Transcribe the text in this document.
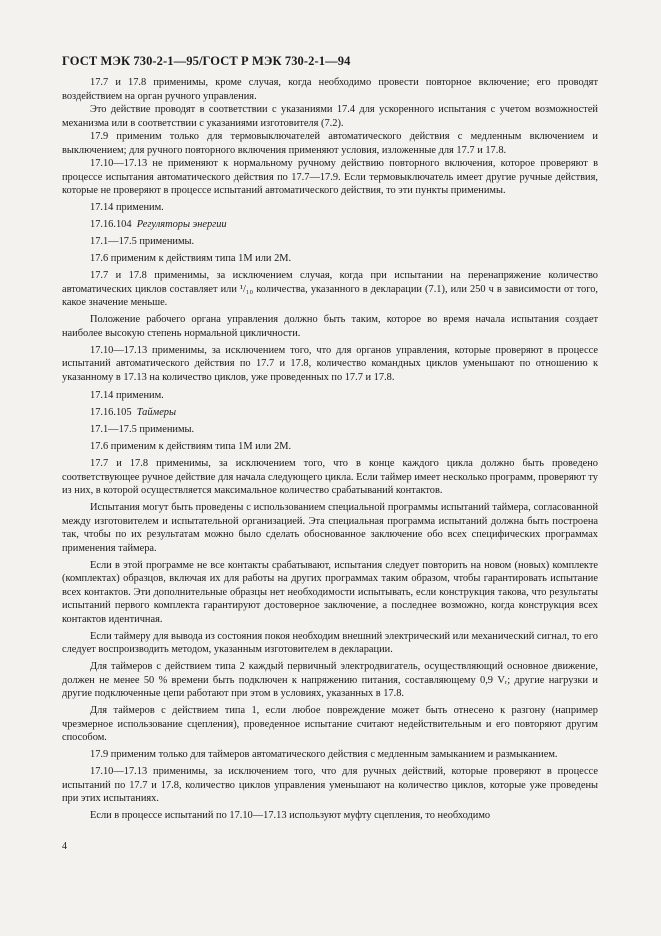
ГОСТ МЭК 730-2-1—95/ГОСТ Р МЭК 730-2-1—94

17.7 и 17.8 применимы, кроме случая, когда необходимо провести повторное включение; его проводят воздействием на орган ручного управления.

Это действие проводят в соответствии с указаниями 17.4 для ускоренного испытания с учетом возможностей механизма или в соответствии с указаниями изготовителя (7.2).

17.9 применим только для термовыключателей автоматического действия с медленным включением и выключением; для ручного повторного включения применяют условия, изложенные для 17.7 и 17.8.

17.10—17.13 не применяют к нормальному ручному действию повторного включения, которое проверяют в процессе испытания автоматического действия по 17.7—17.9. Если термовыключатель имеет другие ручные действия, которые не проверяют в процессе испытаний автоматического действия, то эти пункты применимы.

17.14 применим.

17.16.104 Регуляторы энергии

17.1—17.5 применимы.

17.6 применим к действиям типа 1М или 2М.

17.7 и 17.8 применимы, за исключением случая, когда при испытании на перенапряжение количество автоматических циклов составляет или ¹/₁₀ количества, указанного в декларации (7.1), или 250 ч в зависимости от того, какое значение меньше.

Положение рабочего органа управления должно быть таким, которое во время начала испытания создает наиболее высокую степень нормальной цикличности.

17.10—17.13 применимы, за исключением того, что для органов управления, которые проверяют в процессе испытаний автоматического действия по 17.7 и 17.8, количество командных циклов уменьшают по отношению к указанному в 17.13 на количество циклов, уже проведенных по 17.7 и 17.8.

17.14 применим.

17.16.105 Таймеры

17.1—17.5 применимы.

17.6 применим к действиям типа 1М или 2М.

17.7 и 17.8 применимы, за исключением того, что в конце каждого цикла должно быть проведено соответствующее ручное действие для начала следующего цикла. Если таймер имеет несколько программ, проверяют ту из них, в которой осуществляется максимальное количество срабатываний контактов.

Испытания могут быть проведены с использованием специальной программы испытаний таймера, согласованной между изготовителем и испытательной организацией. Эта специальная программа испытаний должна быть построена так, чтобы по их результатам можно было сделать обоснованное заключение обо всех специфических программах применения таймера.

Если в этой программе не все контакты срабатывают, испытания следует повторить на новом (новых) комплекте (комплектах) образцов, включая их для работы на других программах таким образом, чтобы гарантировать испытание всех контактов. Эти дополнительные образцы нет необходимости испытывать, если конструкция такова, что результаты испытаний первого комплекта гарантируют достоверное заключение, а последнее возможно, когда конструкция всех контактов идентичная.

Если таймеру для вывода из состояния покоя необходим внешний электрический или механический сигнал, то его следует воспроизводить методом, указанным изготовителем в декларации.

Для таймеров с действием типа 2 каждый первичный электродвигатель, осуществляющий основное движение, должен не менее 50 % времени быть подключен к напряжению питания, составляющему 0,9 Vᵣ; другие нагрузки и другие подключенные цепи работают при этом в условиях, указанных в 17.8.

Для таймеров с действием типа 1, если любое повреждение может быть отнесено к разгону (например чрезмерное использование сцепления), проведенное испытание считают недействительным и его повторяют другим способом.

17.9 применим только для таймеров автоматического действия с медленным замыканием и размыканием.

17.10—17.13 применимы, за исключением того, что для ручных действий, которые проверяют в процессе испытаний по 17.7 и 17.8, количество циклов управления уменьшают на количество циклов, которые уже проведены при этих испытаниях.

Если в процессе испытаний по 17.10—17.13 используют муфту сцепления, то необходимо

4
